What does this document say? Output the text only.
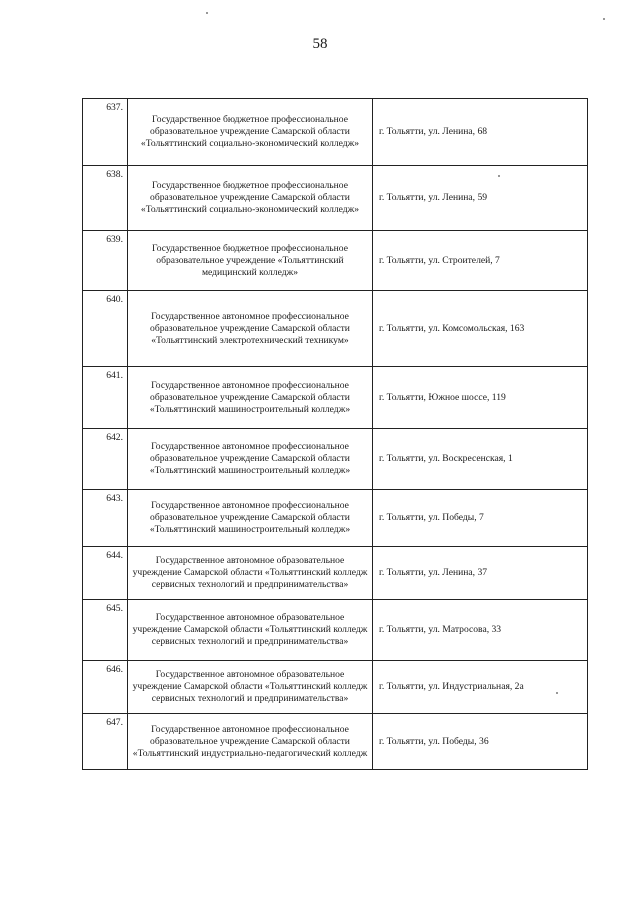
58
637.	Государственное бюджетное профессиональное образовательное учреждение Самарской области «Тольяттинский социально-экономический колледж»	г. Тольятти, ул. Ленина, 68
638.	Государственное бюджетное профессиональное образовательное учреждение Самарской области «Тольяттинский социально-экономический колледж»	г. Тольятти, ул. Ленина, 59
639.	Государственное бюджетное профессиональное образовательное учреждение «Тольяттинский медицинский колледж»	г. Тольятти, ул. Строителей, 7
640.	Государственное автономное профессиональное образовательное учреждение Самарской области «Тольяттинский электротехнический техникум»	г. Тольятти, ул. Комсомольская, 163
641.	Государственное автономное профессиональное образовательное учреждение Самарской области «Тольяттинский машиностроительный колледж»	г. Тольятти, Южное шоссе, 119
642.	Государственное автономное профессиональное образовательное учреждение Самарской области «Тольяттинский машиностроительный колледж»	г. Тольятти, ул. Воскресенская, 1
643.	Государственное автономное профессиональное образовательное учреждение Самарской области «Тольяттинский машиностроительный колледж»	г. Тольятти, ул. Победы, 7
644.	Государственное автономное образовательное учреждение Самарской области «Тольяттинский колледж сервисных технологий и предпринимательства»	г. Тольятти, ул. Ленина, 37
645.	Государственное автономное образовательное учреждение Самарской области «Тольяттинский колледж сервисных технологий и предпринимательства»	г. Тольятти, ул. Матросова, 33
646.	Государственное автономное образовательное учреждение Самарской области «Тольяттинский колледж сервисных технологий и предпринимательства»	г. Тольятти, ул. Индустриальная, 2а
647.	Государственное автономное профессиональное образовательное учреждение Самарской области «Тольяттинский индустриально-педагогический колледж	г. Тольятти, ул. Победы, 36
